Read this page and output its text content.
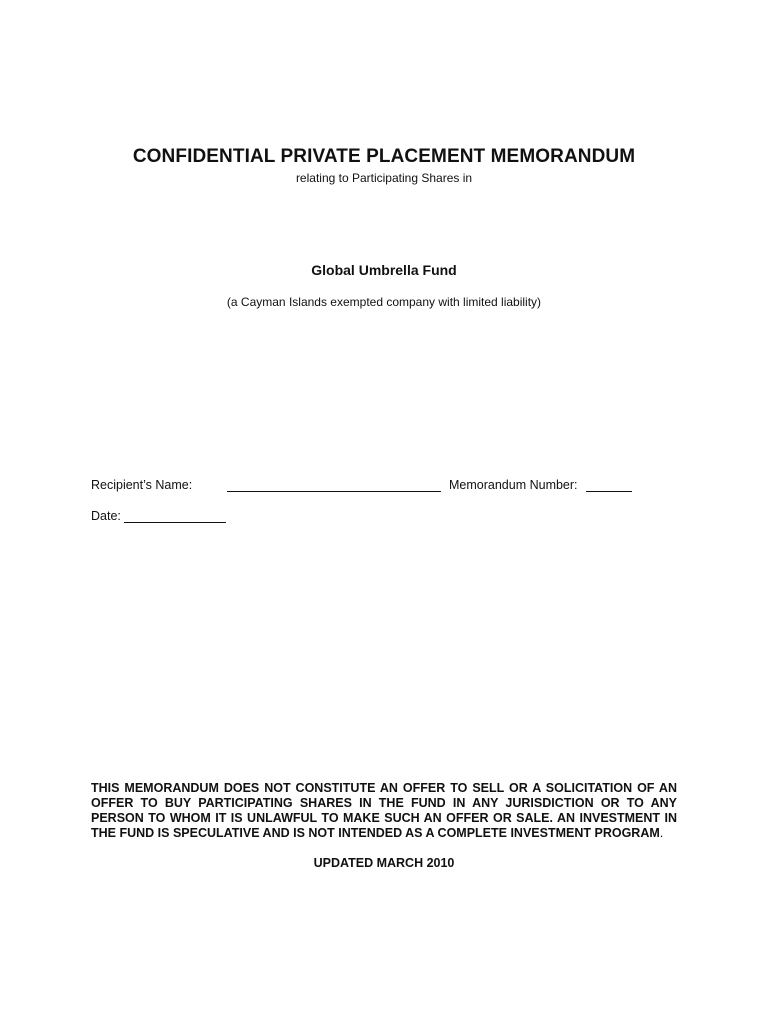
CONFIDENTIAL PRIVATE PLACEMENT MEMORANDUM
relating to Participating Shares in
Global Umbrella Fund
(a Cayman Islands exempted company with limited liability)
Recipient’s Name:	Memorandum Number:
Date:
THIS MEMORANDUM DOES NOT CONSTITUTE AN OFFER TO SELL OR A SOLICITATION OF AN OFFER TO BUY PARTICIPATING SHARES IN THE FUND IN ANY JURISDICTION OR TO ANY PERSON TO WHOM IT IS UNLAWFUL TO MAKE SUCH AN OFFER OR SALE. AN INVESTMENT IN THE FUND IS SPECULATIVE AND IS NOT INTENDED AS A COMPLETE INVESTMENT PROGRAM.
UPDATED MARCH 2010
